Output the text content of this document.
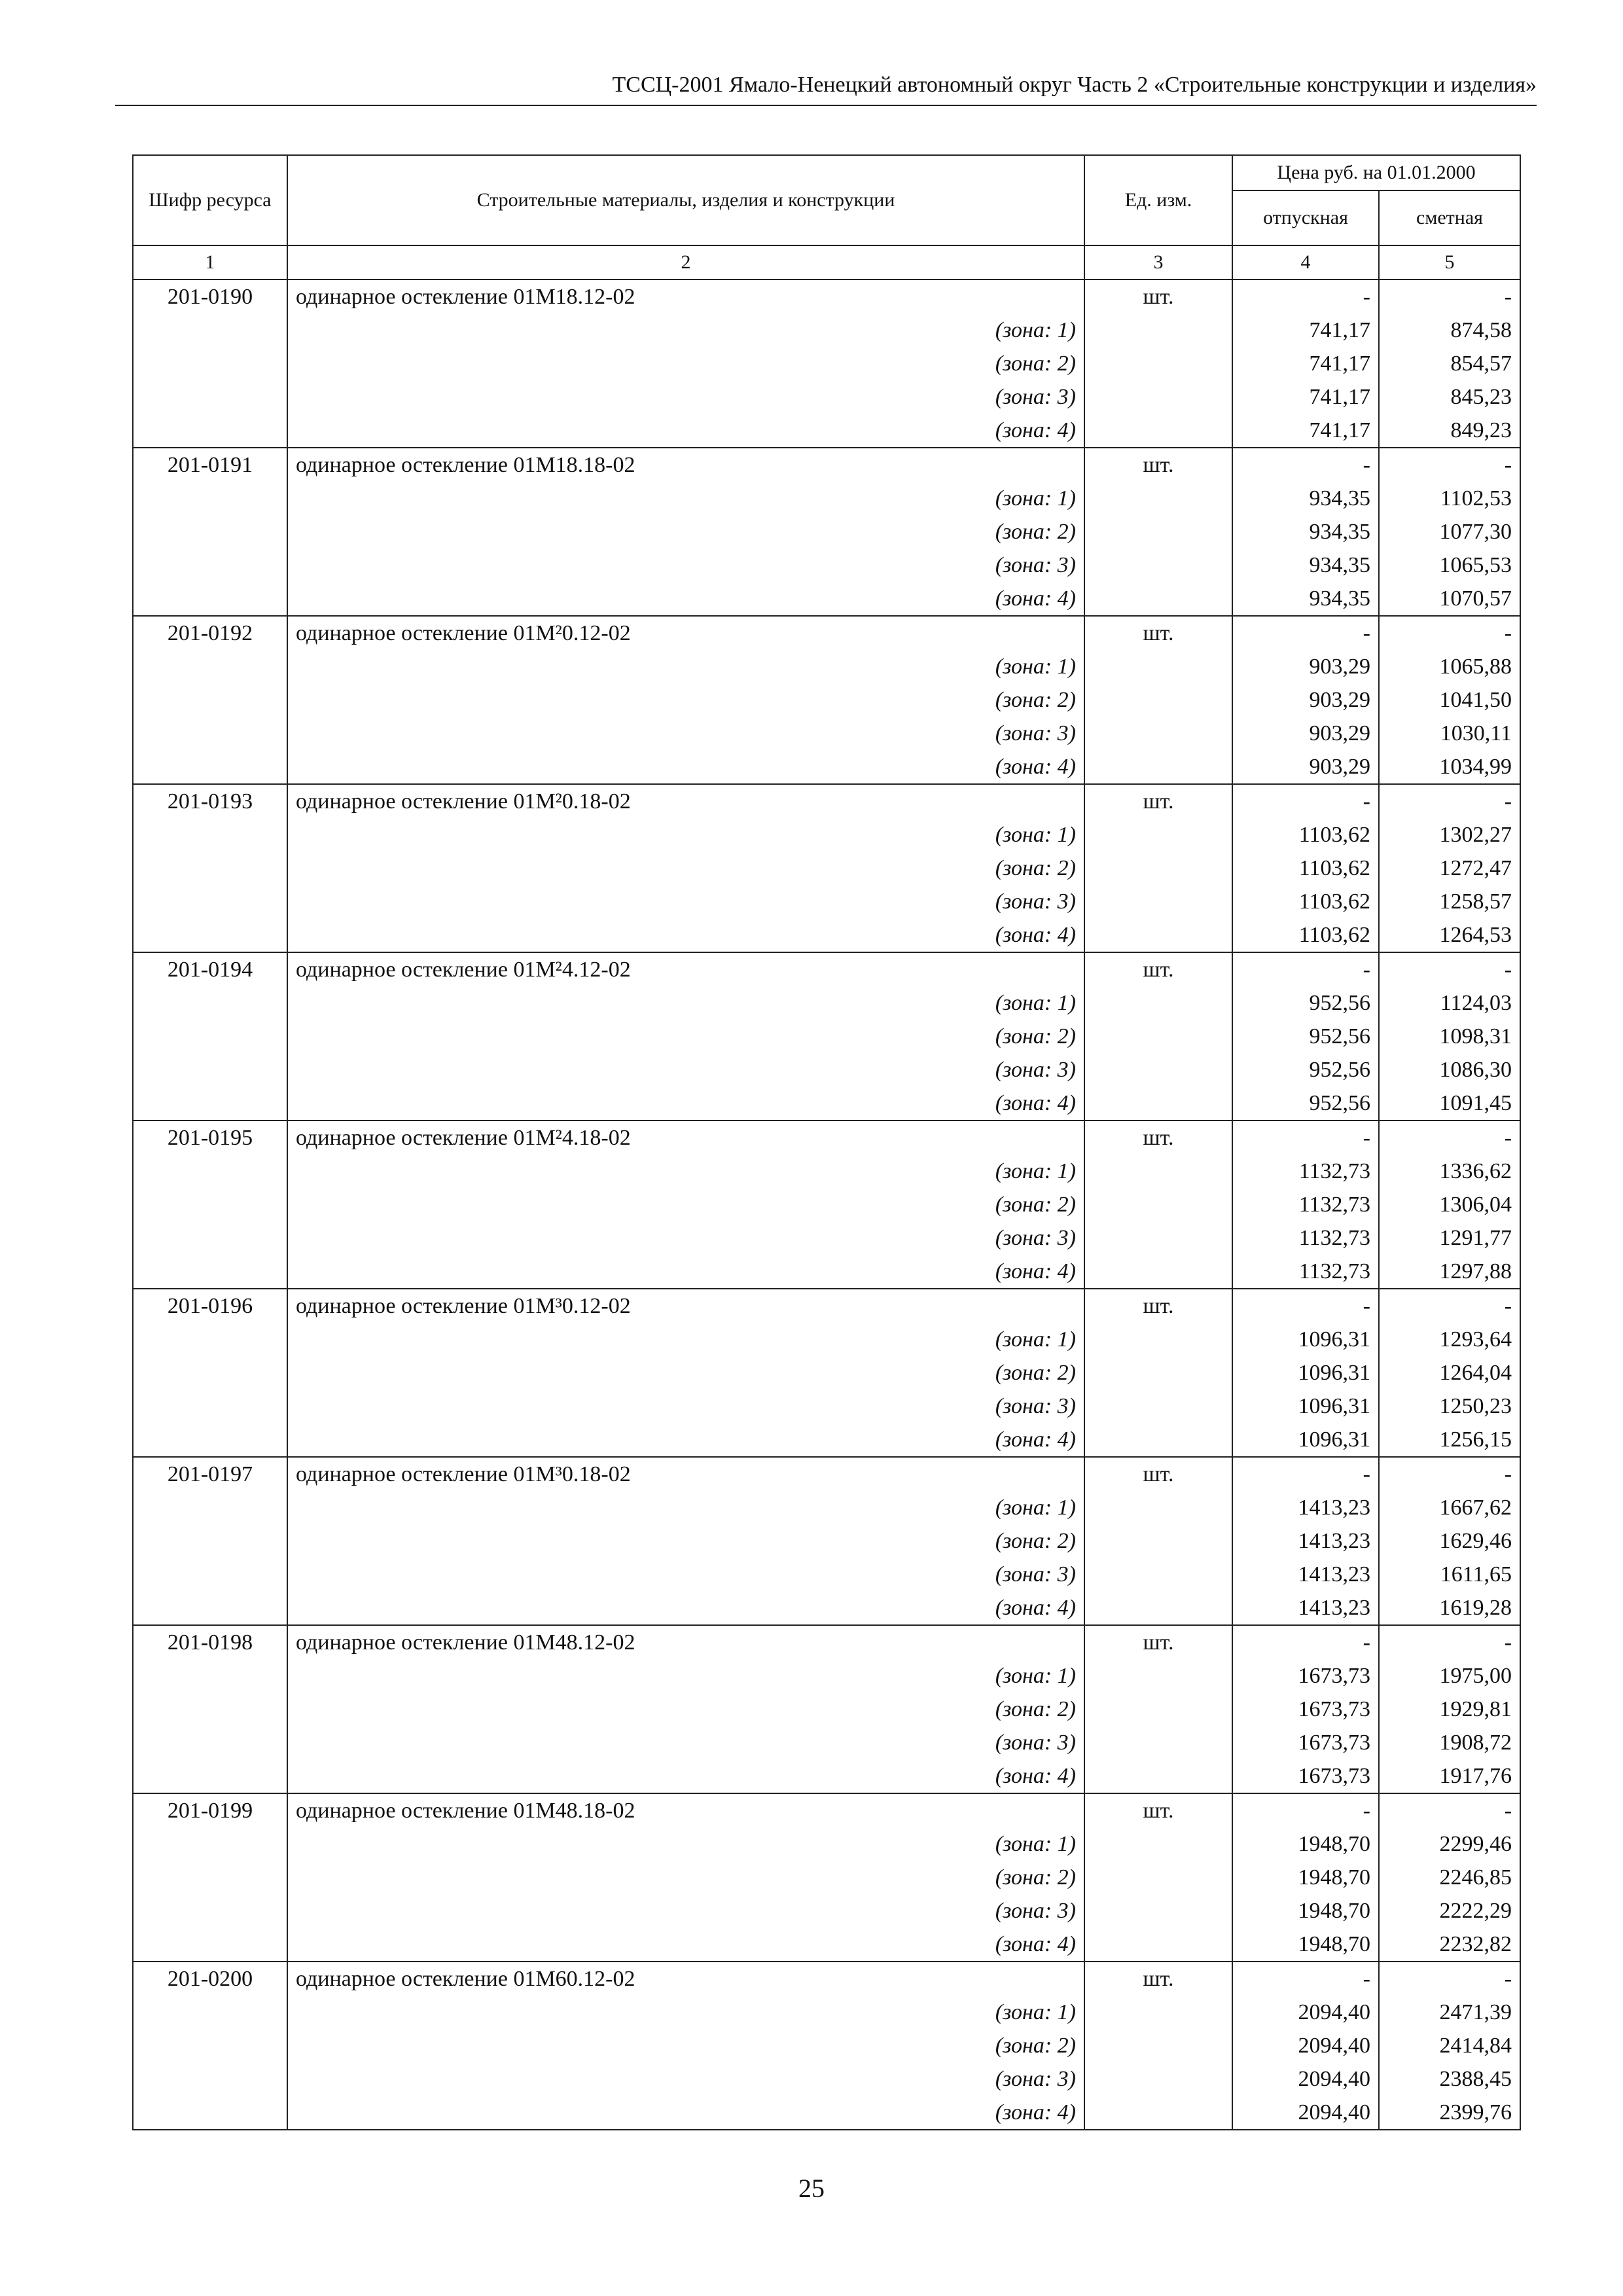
ТССЦ-2001 Ямало-Ненецкий автономный округ Часть 2 «Строительные конструкции и изделия»
Шифр ресурса	Строительные материалы, изделия и конструкции	Ед. изм.	Цена руб. на 01.01.2000	
			отпускная	сметная
1	2	3	4	5
201-0190	одинарное остекление 01М18.12-02	шт.	-	-
	(зона: 1)		741,17	874,58
	(зона: 2)		741,17	854,57
	(зона: 3)		741,17	845,23
	(зона: 4)		741,17	849,23
201-0191	одинарное остекление 01М18.18-02	шт.	-	-
	(зона: 1)		934,35	1102,53
	(зона: 2)		934,35	1077,30
	(зона: 3)		934,35	1065,53
	(зона: 4)		934,35	1070,57
201-0192	одинарное остекление 01М²0.12-02	шт.	-	-
	(зона: 1)		903,29	1065,88
	(зона: 2)		903,29	1041,50
	(зона: 3)		903,29	1030,11
	(зона: 4)		903,29	1034,99
201-0193	одинарное остекление 01М²0.18-02	шт.	-	-
	(зона: 1)		1103,62	1302,27
	(зона: 2)		1103,62	1272,47
	(зона: 3)		1103,62	1258,57
	(зона: 4)		1103,62	1264,53
201-0194	одинарное остекление 01М²4.12-02	шт.	-	-
	(зона: 1)		952,56	1124,03
	(зона: 2)		952,56	1098,31
	(зона: 3)		952,56	1086,30
	(зона: 4)		952,56	1091,45
201-0195	одинарное остекление 01М²4.18-02	шт.	-	-
	(зона: 1)		1132,73	1336,62
	(зона: 2)		1132,73	1306,04
	(зона: 3)		1132,73	1291,77
	(зона: 4)		1132,73	1297,88
201-0196	одинарное остекление 01М³0.12-02	шт.	-	-
	(зона: 1)		1096,31	1293,64
	(зона: 2)		1096,31	1264,04
	(зона: 3)		1096,31	1250,23
	(зона: 4)		1096,31	1256,15
201-0197	одинарное остекление 01М³0.18-02	шт.	-	-
	(зона: 1)		1413,23	1667,62
	(зона: 2)		1413,23	1629,46
	(зона: 3)		1413,23	1611,65
	(зона: 4)		1413,23	1619,28
201-0198	одинарное остекление 01М48.12-02	шт.	-	-
	(зона: 1)		1673,73	1975,00
	(зона: 2)		1673,73	1929,81
	(зона: 3)		1673,73	1908,72
	(зона: 4)		1673,73	1917,76
201-0199	одинарное остекление 01М48.18-02	шт.	-	-
	(зона: 1)		1948,70	2299,46
	(зона: 2)		1948,70	2246,85
	(зона: 3)		1948,70	2222,29
	(зона: 4)		1948,70	2232,82
201-0200	одинарное остекление 01М60.12-02	шт.	-	-
	(зона: 1)		2094,40	2471,39
	(зона: 2)		2094,40	2414,84
	(зона: 3)		2094,40	2388,45
	(зона: 4)		2094,40	2399,76
25
